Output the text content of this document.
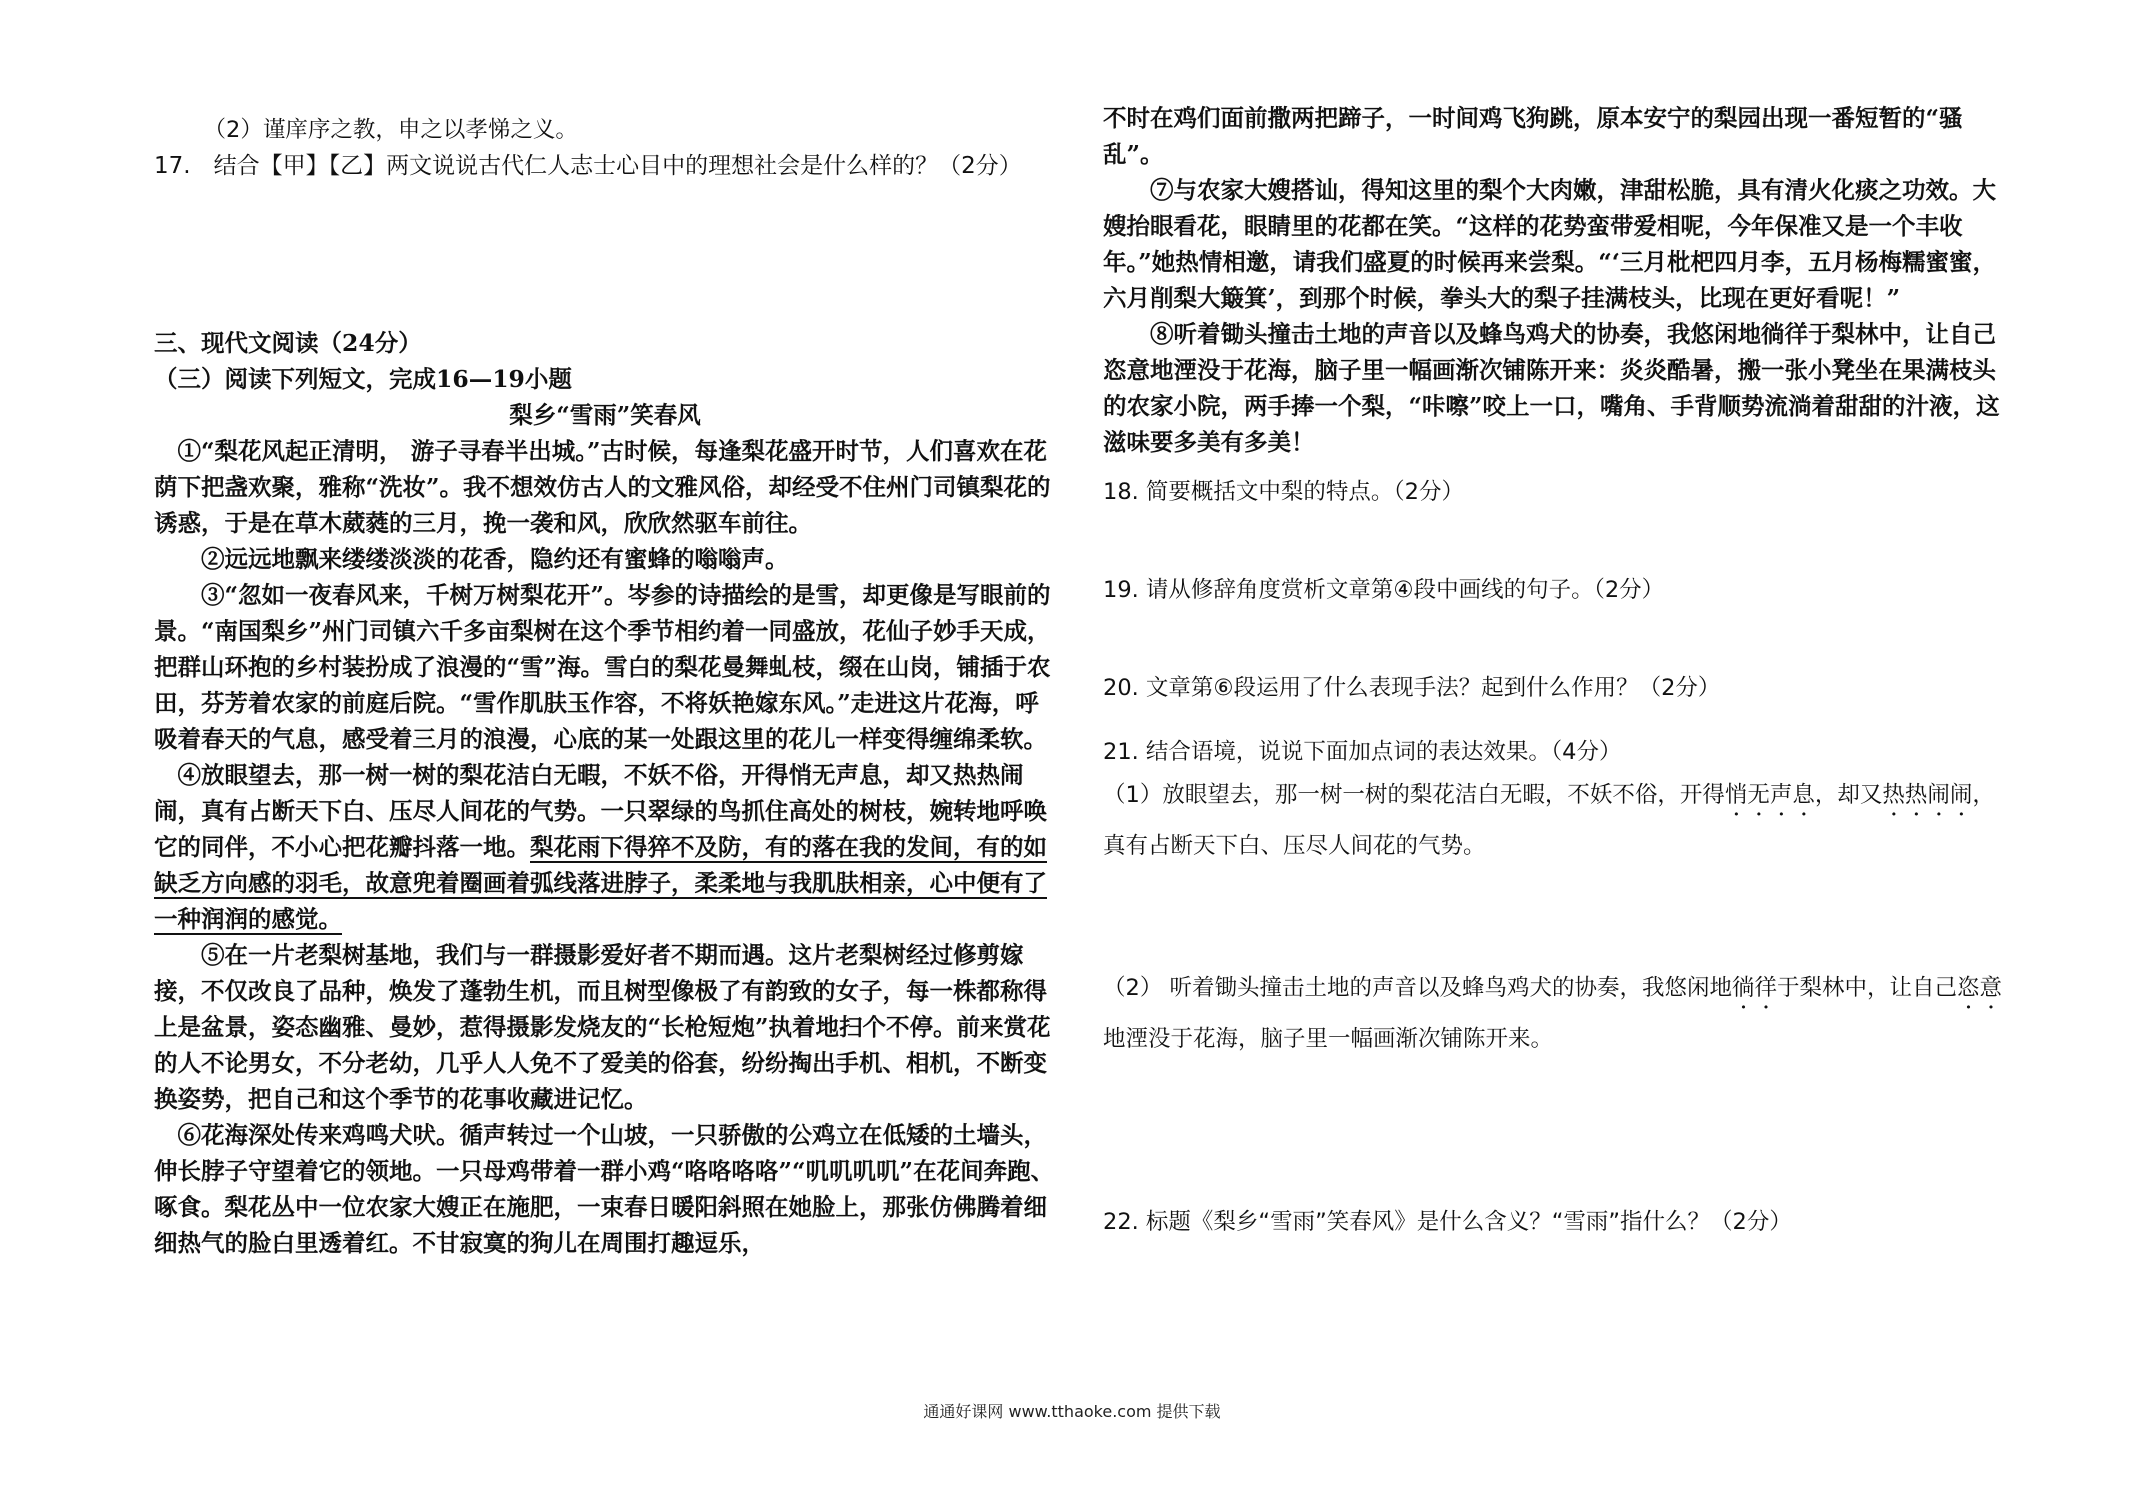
（2）谨庠序之教，申之以孝悌之义。

17.　结合【甲】【乙】两文说说古代仁人志士心目中的理想社会是什么样的？（2分）

三、现代文阅读（24分）

（三）阅读下列短文，完成16—19小题

梨乡“雪雨”笑春风

①“梨花风起正清明， 游子寻春半出城。”古时候，每逢梨花盛开时节，人们喜欢在花荫下把盏欢聚，雅称“洗妆”。我不想效仿古人的文雅风俗，却经受不住州门司镇梨花的诱惑，于是在草木葳蕤的三月，挽一袭和风，欣欣然驱车前往。

②远远地飘来缕缕淡淡的花香，隐约还有蜜蜂的嗡嗡声。

③“忽如一夜春风来，千树万树梨花开”。岑参的诗描绘的是雪，却更像是写眼前的景。“南国梨乡”州门司镇六千多亩梨树在这个季节相约着一同盛放，花仙子妙手天成，把群山环抱的乡村装扮成了浪漫的“雪”海。雪白的梨花曼舞虬枝，缀在山岗，铺插于农田，芬芳着农家的前庭后院。“雪作肌肤玉作容，不将妖艳嫁东风。”走进这片花海，呼吸着春天的气息，感受着三月的浪漫，心底的某一处跟这里的花儿一样变得缠绵柔软。

④放眼望去，那一树一树的梨花洁白无暇，不妖不俗，开得悄无声息，却又热热闹闹，真有占断天下白、压尽人间花的气势。一只翠绿的鸟抓住高处的树枝，婉转地呼唤它的同伴，不小心把花瓣抖落一地。梨花雨下得猝不及防，有的落在我的发间，有的如缺乏方向感的羽毛，故意兜着圈画着弧线落进脖子，柔柔地与我肌肤相亲，心中便有了一种润润的感觉。

⑤在一片老梨树基地，我们与一群摄影爱好者不期而遇。这片老梨树经过修剪嫁接，不仅改良了品种，焕发了蓬勃生机，而且树型像极了有韵致的女子，每一株都称得上是盆景，姿态幽雅、曼妙，惹得摄影发烧友的“长枪短炮”执着地扫个不停。前来赏花的人不论男女，不分老幼，几乎人人免不了爱美的俗套，纷纷掏出手机、相机，不断变换姿势，把自己和这个季节的花事收藏进记忆。

⑥花海深处传来鸡鸣犬吠。循声转过一个山坡，一只骄傲的公鸡立在低矮的土墙头，伸长脖子守望着它的领地。一只母鸡带着一群小鸡“咯咯咯咯”“叽叽叽叽”在花间奔跑、啄食。梨花丛中一位农家大嫂正在施肥，一束春日暖阳斜照在她脸上，那张仿佛腾着细细热气的脸白里透着红。不甘寂寞的狗儿在周围打趣逗乐，

不时在鸡们面前撒两把蹄子，一时间鸡飞狗跳，原本安宁的梨园出现一番短暂的“骚乱”。

⑦与农家大嫂搭讪，得知这里的梨个大肉嫩，津甜松脆，具有清火化痰之功效。大嫂抬眼看花，眼睛里的花都在笑。“这样的花势蛮带爱相呢，今年保准又是一个丰收年。”她热情相邀，请我们盛夏的时候再来尝梨。“‘三月枇杷四月李，五月杨梅糯蜜蜜，六月削梨大簸箕’，到那个时候，拳头大的梨子挂满枝头，比现在更好看呢！”

⑧听着锄头撞击土地的声音以及蜂鸟鸡犬的协奏，我悠闲地徜徉于梨林中，让自己恣意地湮没于花海，脑子里一幅画渐次铺陈开来：炎炎酷暑，搬一张小凳坐在果满枝头的农家小院，两手捧一个梨，“咔嚓”咬上一口，嘴角、手背顺势流淌着甜甜的汁液，这滋味要多美有多美！

18. 简要概括文中梨的特点。（2分）

19. 请从修辞角度赏析文章第④段中画线的句子。（2分）

20. 文章第⑥段运用了什么表现手法？起到什么作用？（2分）

21. 结合语境，说说下面加点词的表达效果。（4分）

（1）放眼望去，那一树一树的梨花洁白无暇，不妖不俗，开得悄无声息，却又热热闹闹，真有占断天下白、压尽人间花的气势。

（2） 听着锄头撞击土地的声音以及蜂鸟鸡犬的协奏，我悠闲地徜徉于梨林中，让自己恣意地湮没于花海，脑子里一幅画渐次铺陈开来。

22. 标题《梨乡“雪雨”笑春风》是什么含义？“雪雨”指什么？（2分）

通通好课网 www.tthaoke.com 提供下载
